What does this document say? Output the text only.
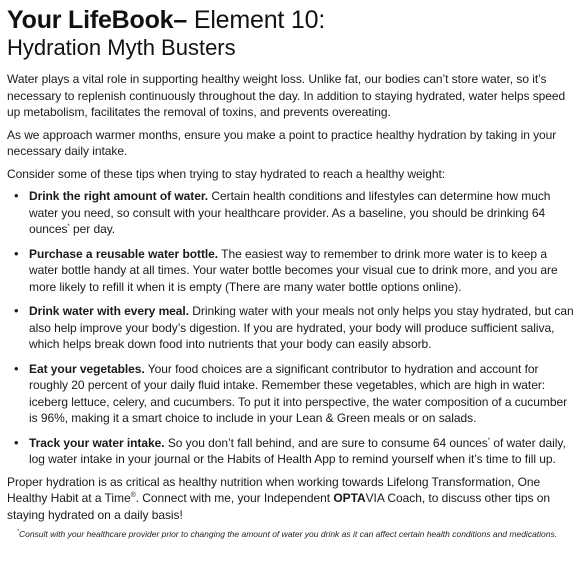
Your LifeBook– Element 10:
Hydration Myth Busters

Water plays a vital role in supporting healthy weight loss. Unlike fat, our bodies can’t store water, so it’s necessary to replenish continuously throughout the day. In addition to staying hydrated, water helps speed up metabolism, facilitates the removal of toxins, and prevents overeating.

As we approach warmer months, ensure you make a point to practice healthy hydration by taking in your necessary daily intake.

Consider some of these tips when trying to stay hydrated to reach a healthy weight:

• Drink the right amount of water. Certain health conditions and lifestyles can determine how much water you need, so consult with your healthcare provider. As a baseline, you should be drinking 64 ounces* per day.
• Purchase a reusable water bottle. The easiest way to remember to drink more water is to keep a water bottle handy at all times. Your water bottle becomes your visual cue to drink more, and you are more likely to refill it when it is empty (There are many water bottle options online).
• Drink water with every meal. Drinking water with your meals not only helps you stay hydrated, but can also help improve your body’s digestion. If you are hydrated, your body will produce sufficient saliva, which helps break down food into nutrients that your body can easily absorb.
• Eat your vegetables. Your food choices are a significant contributor to hydration and account for roughly 20 percent of your daily fluid intake. Remember these vegetables, which are high in water: iceberg lettuce, celery, and cucumbers. To put it into perspective, the water composition of a cucumber is 96%, making it a smart choice to include in your Lean & Green meals or on salads.
• Track your water intake. So you don’t fall behind, and are sure to consume 64 ounces* of water daily, log water intake in your journal or the Habits of Health App to remind yourself when it’s time to fill up.

Proper hydration is as critical as healthy nutrition when working towards Lifelong Transformation, One Healthy Habit at a Time®. Connect with me, your Independent OPTAVIA Coach, to discuss other tips on staying hydrated on a daily basis!

*Consult with your healthcare provider prior to changing the amount of water you drink as it can affect certain health conditions and medications.
